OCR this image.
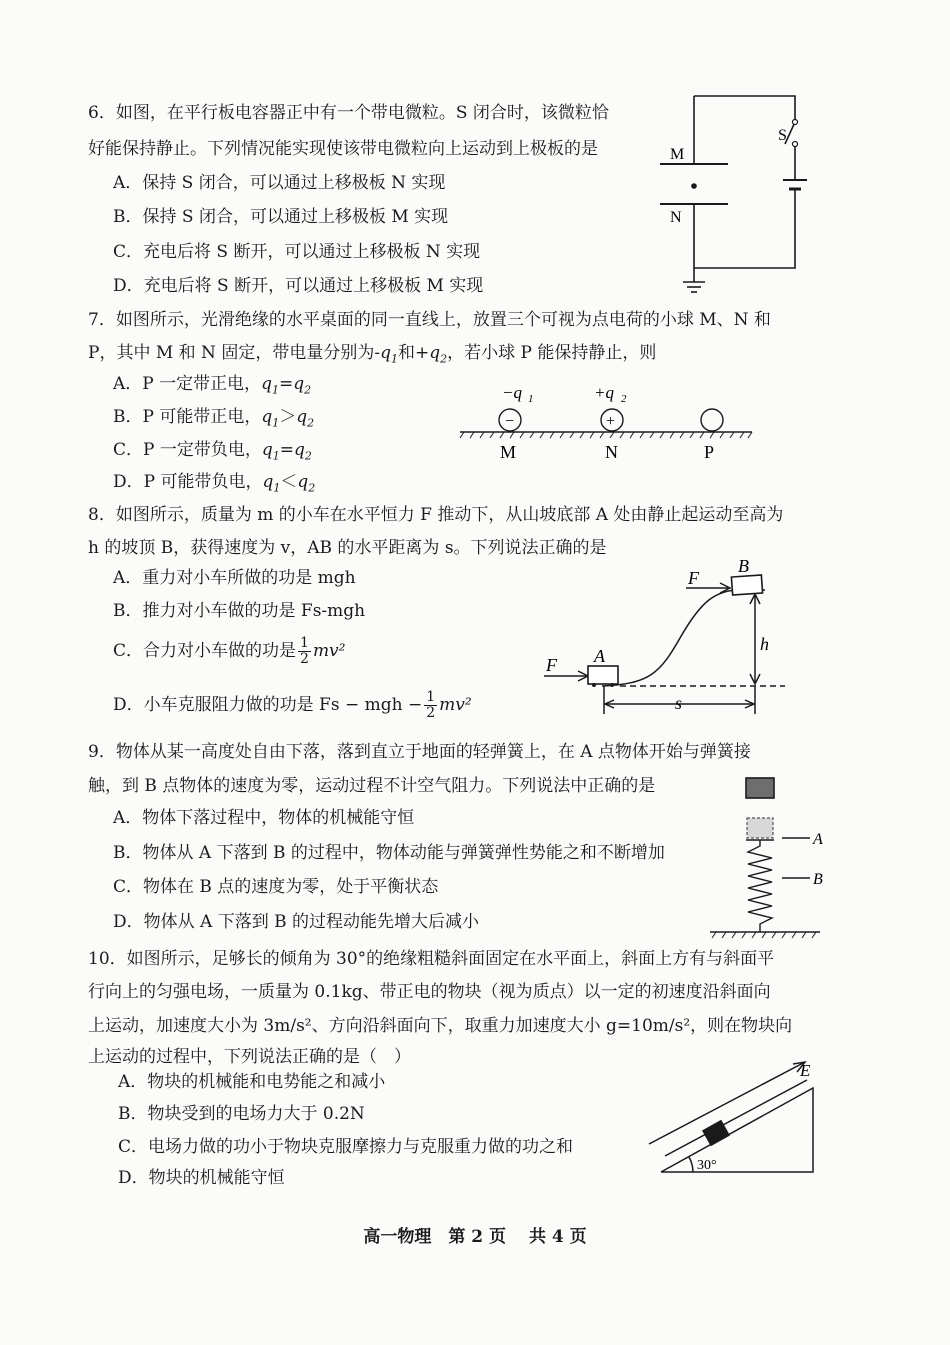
6．如图，在平行板电容器正中有一个带电微粒。S 闭合时，该微粒恰
好能保持静止。下列情况能实现使该带电微粒向上运动到上极板的是
A．保持 S 闭合，可以通过上移极板 N 实现
B．保持 S 闭合，可以通过上移极板 M 实现
C．充电后将 S 断开，可以通过上移极板 N 实现
D．充电后将 S 断开，可以通过上移极板 M 实现
M
N
S
7．如图所示，光滑绝缘的水平桌面的同一直线上，放置三个可视为点电荷的小球 M、N 和
P，其中 M 和 N 固定，带电量分别为$-q_1$和$+q_2$，若小球 P 能保持静止，则
A．P 一定带正电，$q_1=q_2$
B．P 可能带正电，$q_1>q_2$
C．P 一定带负电，$q_1=q_2$
D．P 可能带负电，$q_1<q_2$
−	+
−q 1	+q 2
M	N	P
8．如图所示，质量为 m 的小车在水平恒力 F 推动下，从山坡底部 A 处由静止起运动至高为
h 的坡顶 B，获得速度为 v，AB 的水平距离为 s。下列说法正确的是
A．重力对小车所做的功是 mgh
B．推力对小车做的功是 Fs-mgh
C．合力对小车做的功是 $\frac{1}{2} mv^2$
D．小车克服阻力做的功是 Fs − mgh − $\frac{1}{2} mv^2$
F A
F
B
h
s
9．物体从某一高度处自由下落，落到直立于地面的轻弹簧上，在 A 点物体开始与弹簧接
触，到 B 点物体的速度为零，运动过程不计空气阻力。下列说法中正确的是
A．物体下落过程中，物体的机械能守恒
B．物体从 A 下落到 B 的过程中，物体动能与弹簧弹性势能之和不断增加
C．物体在 B 点的速度为零，处于平衡状态
D．物体从 A 下落到 B 的过程动能先增大后减小
A
B
10．如图所示，足够长的倾角为 30°的绝缘粗糙斜面固定在水平面上，斜面上方有与斜面平
行向上的匀强电场，一质量为 0.1kg、带正电的物块（视为质点）以一定的初速度沿斜面向
上运动，加速度大小为 3m/s²、方向沿斜面向下，取重力加速度大小 g=10m/s²，则在物块向
上运动的过程中，下列说法正确的是（　）
A．物块的机械能和电势能之和减小
B．物块受到的电场力大于 0.2N
C．电场力做的功小于物块克服摩擦力与克服重力做的功之和
D．物块的机械能守恒
E
30°
高一物理　第 2 页　 共 4 页
